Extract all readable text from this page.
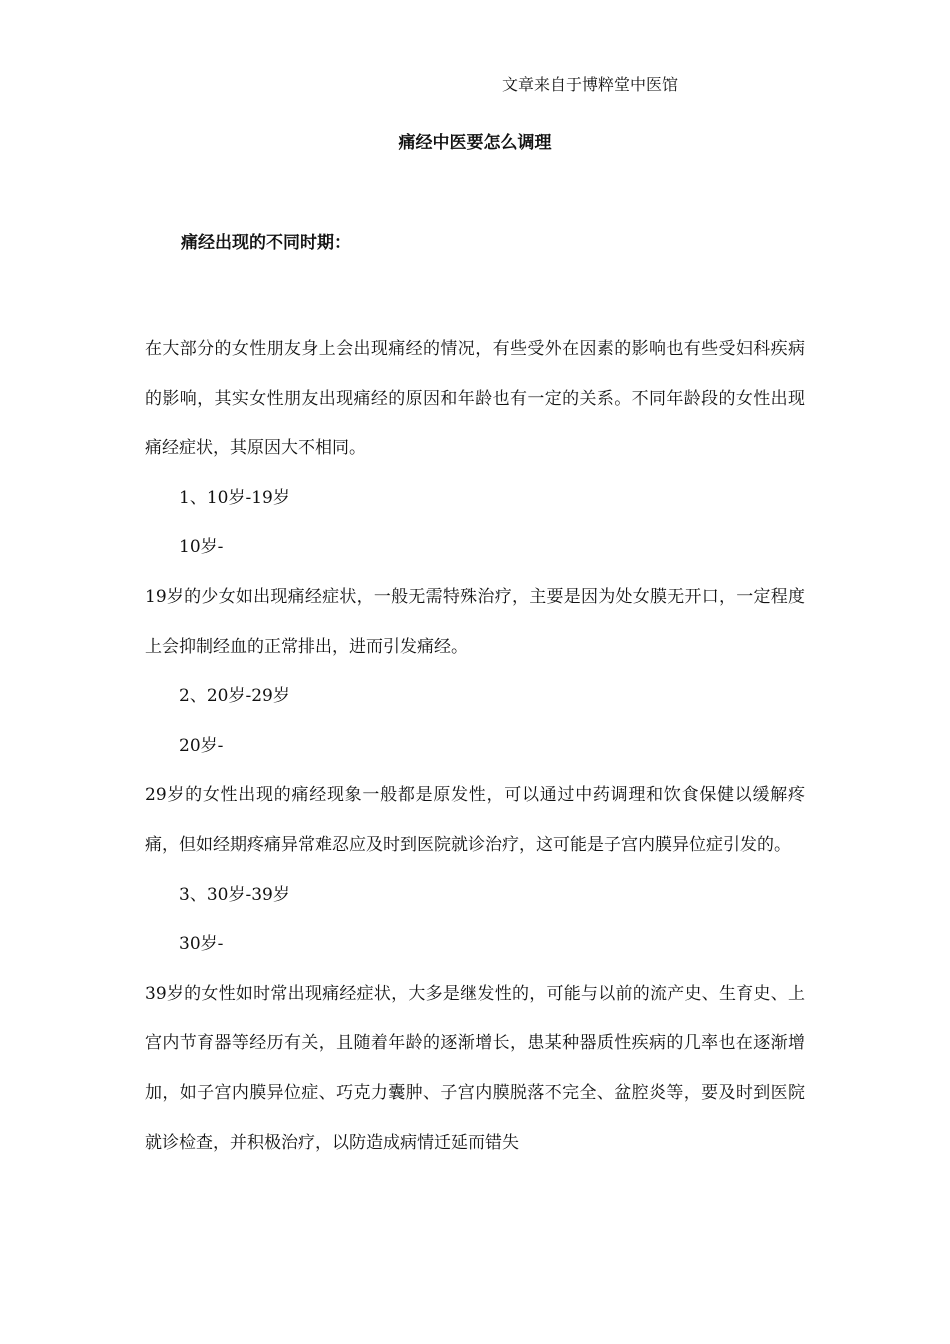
文章来自于博粹堂中医馆
痛经中医要怎么调理
痛经出现的不同时期：

在大部分的女性朋友身上会出现痛经的情况，有些受外在因素的影响也有些受妇科疾病的影响，其实女性朋友出现痛经的原因和年龄也有一定的关系。不同年龄段的女性出现痛经症状，其原因大不相同。

1、10岁-19岁

10岁-

19岁的少女如出现痛经症状，一般无需特殊治疗，主要是因为处女膜无开口，一定程度上会抑制经血的正常排出，进而引发痛经。

2、20岁-29岁

20岁-

29岁的女性出现的痛经现象一般都是原发性，可以通过中药调理和饮食保健以缓解疼痛，但如经期疼痛异常难忍应及时到医院就诊治疗，这可能是子宫内膜异位症引发的。

3、30岁-39岁

30岁-

39岁的女性如时常出现痛经症状，大多是继发性的，可能与以前的流产史、生育史、上宫内节育器等经历有关，且随着年龄的逐渐增长，患某种器质性疾病的几率也在逐渐增加，如子宫内膜异位症、巧克力囊肿、子宫内膜脱落不完全、盆腔炎等，要及时到医院就诊检查，并积极治疗，以防造成病情迁延而错失
